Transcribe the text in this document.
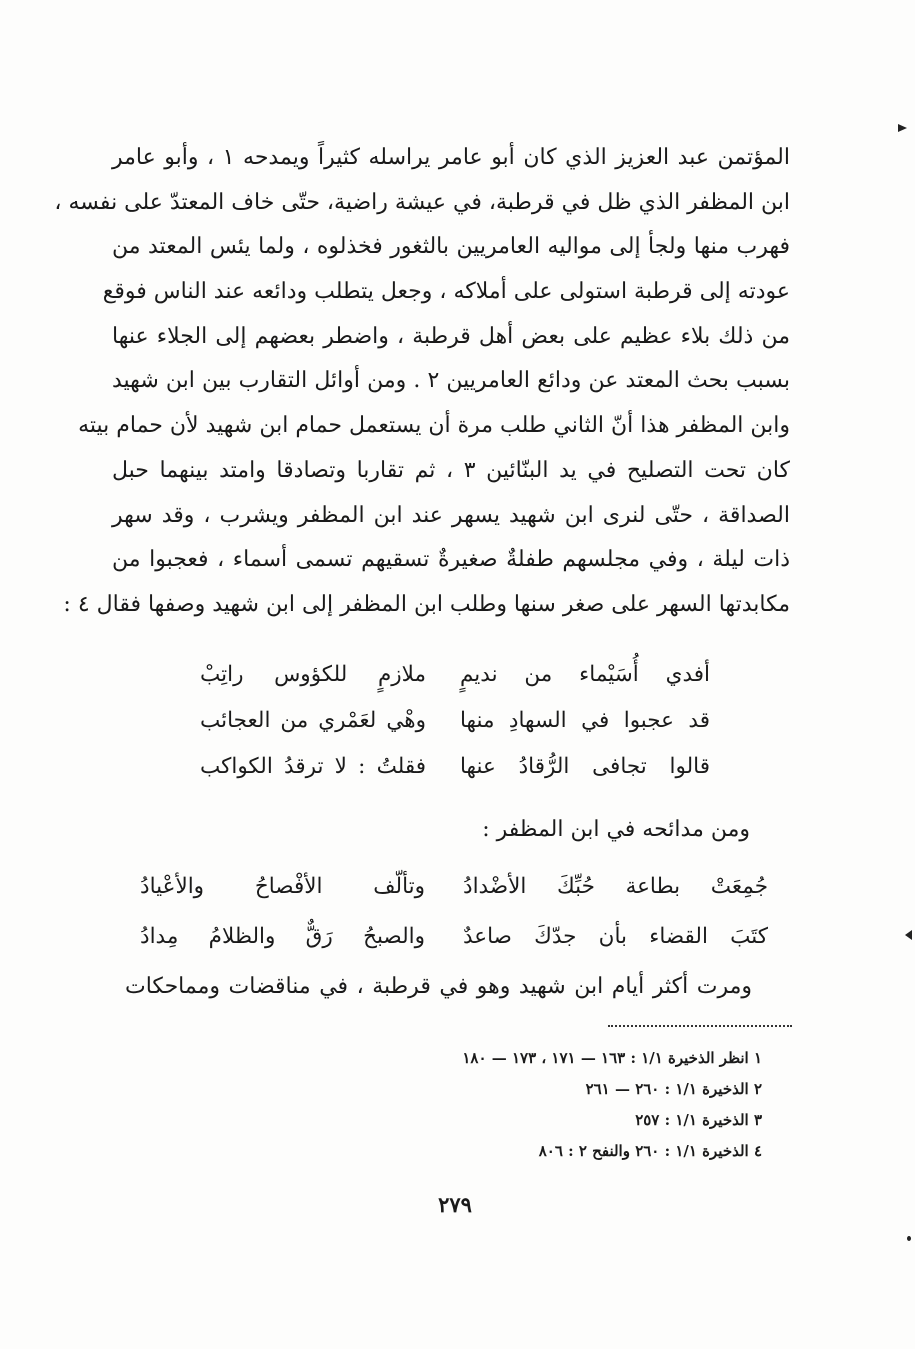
المؤتمن عبد العزيز الذي كان أبو عامر يراسله كثيراً ويمدحه ١ ، وأبو عامر
ابن المظفر الذي ظل في قرطبة، في عيشة راضية، حتّى خاف المعتدّ على نفسه ،
فهرب منها ولجأ إلى مواليه العامريين بالثغور فخذلوه ، ولما يئس المعتد من
عودته إلى قرطبة استولى على أملاكه ، وجعل يتطلب ودائعه عند الناس فوقع
من ذلك بلاء عظيم على بعض أهل قرطبة ، واضطر بعضهم إلى الجلاء عنها
بسبب بحث المعتد عن ودائع العامريين ٢ . ومن أوائل التقارب بين ابن شهيد
وابن المظفر هذا أنّ الثاني طلب مرة أن يستعمل حمام ابن شهيد لأن حمام بيته
كان تحت التصليح في يد البنّائين ٣ ، ثم تقاربا وتصادقا وامتد بينهما حبل
الصداقة ، حتّى لنرى ابن شهيد يسهر عند ابن المظفر ويشرب ، وقد سهر
ذات ليلة ، وفي مجلسهم طفلةٌ صغيرةٌ تسقيهم تسمى أسماء ، فعجبوا من
مكابدتها السهر على صغر سنها وطلب ابن المظفر إلى ابن شهيد وصفها فقال ٤ :
أفدي أُسَيْماء من نديمٍ
ملازمٍ للكؤوس راتِبْ
قد عجبوا في السهادِ منها
وهْي لعَمْري من العجائب
قالوا تجافى الرُّقادُ عنها
فقلتُ : لا ترقدُ الكواكب
ومن مدائحه في ابن المظفر :
جُمِعَتْ بطاعة حُبِّكَ الأضْدادُ
وتألّف الأفْصاحُ والأعْيادُ
كتَبَ القضاء بأن جدّكَ صاعدٌ
والصبحُ رَقٌّ والظلامُ مِدادُ
ومرت أكثر أيام ابن شهيد وهو في قرطبة ، في مناقضات ومماحكات
١ انظر الذخيرة ١/١ : ١٦٣ — ١٧١ ، ١٧٣ — ١٨٠
٢ الذخيرة ١/١ : ٢٦٠ — ٢٦١
٣ الذخيرة ١/١ : ٢٥٧
٤ الذخيرة ١/١ : ٢٦٠ والنفح ٢ : ٨٠٦
٢٧٩
